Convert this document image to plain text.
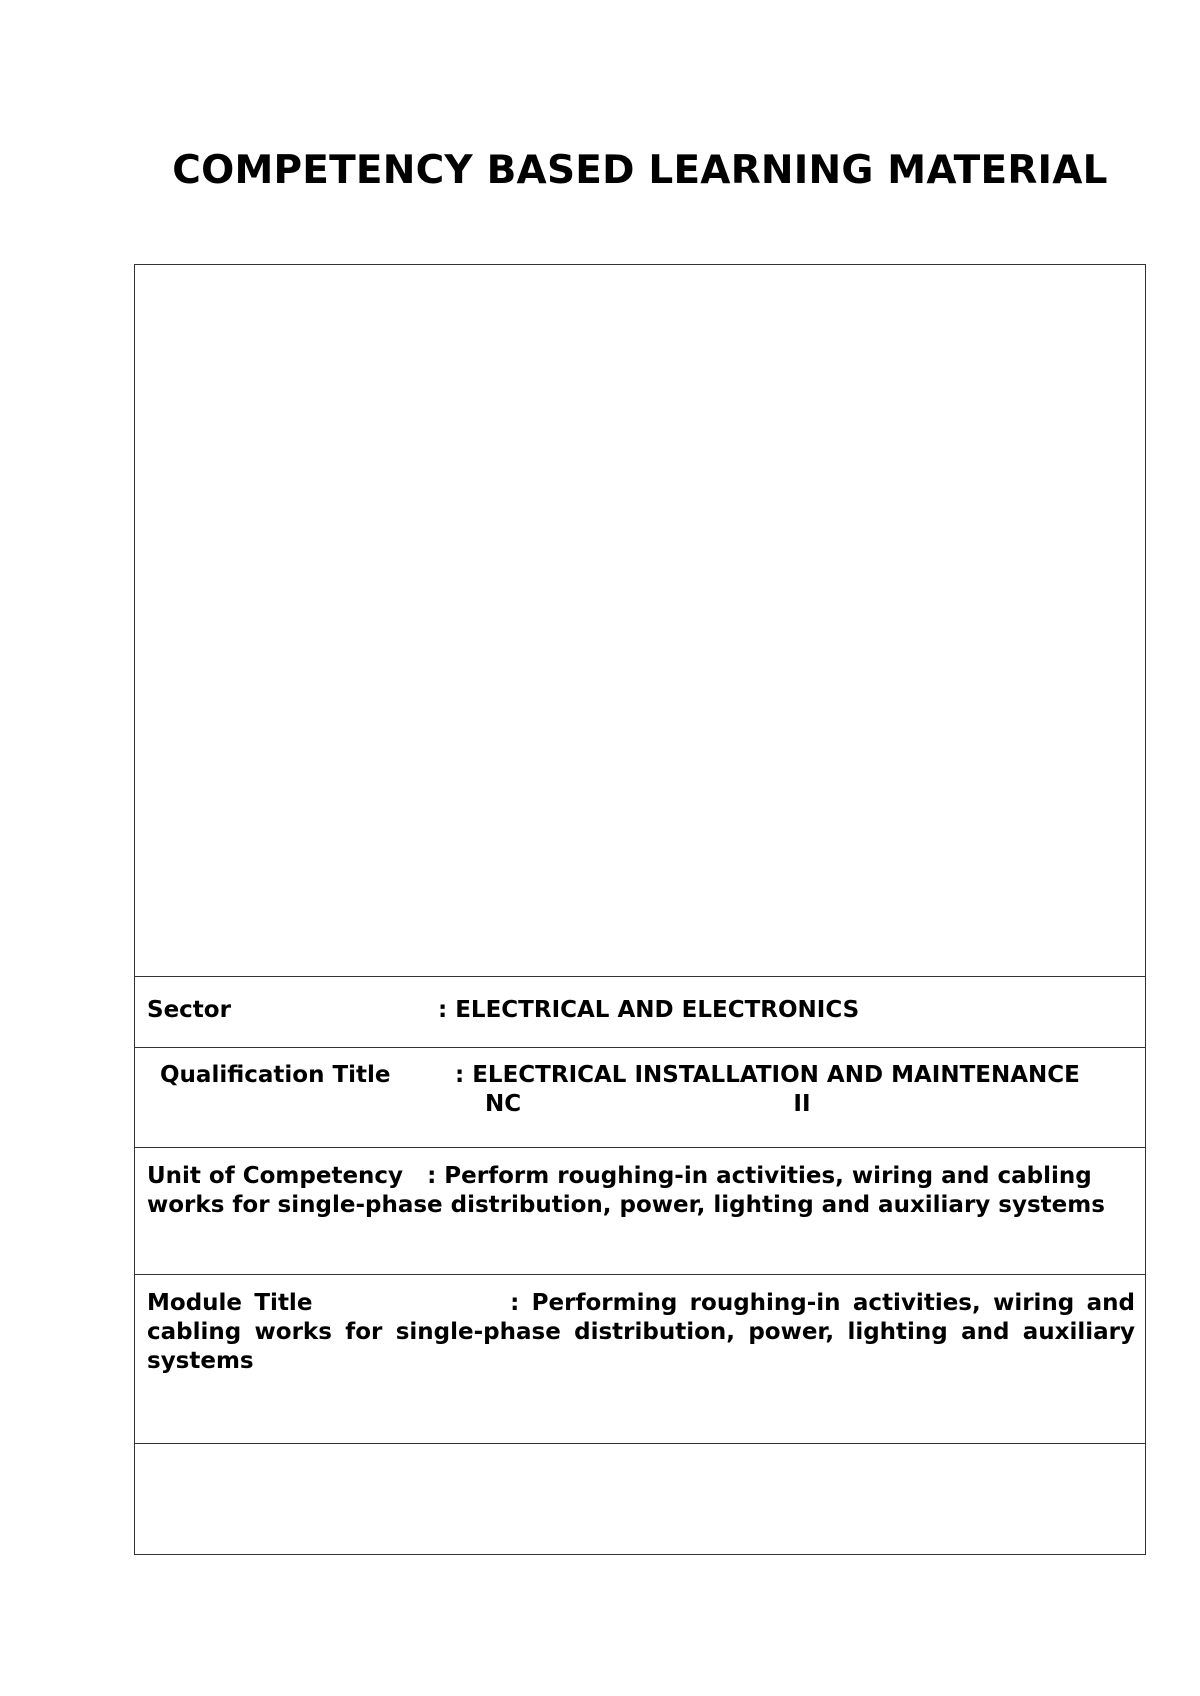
COMPETENCY BASED LEARNING MATERIAL
Sector	: ELECTRICAL AND ELECTRONICS
Qualification Title	: ELECTRICAL INSTALLATION AND MAINTENANCE
NC	II
Unit of Competency : Perform roughing-in activities, wiring and cabling works for single-phase distribution, power, lighting and auxiliary systems
Module Title	: Performing roughing-in activities, wiring and cabling works for single-phase distribution, power, lighting and auxiliary systems
